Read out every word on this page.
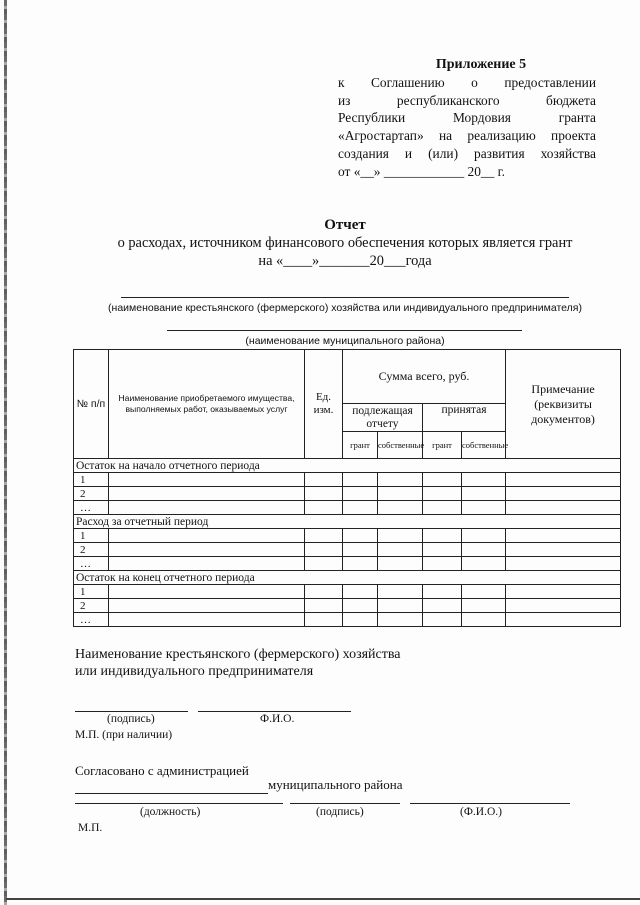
Приложение 5
к Соглашению о предоставлении
из республиканского бюджета
Республики Мордовия гранта
«Агростартап» на реализацию проекта
создания и (или) развития хозяйства
от «__» ____________ 20__ г.
Отчет
о расходах, источником финансового обеспечения которых является грант
на «____»_______20___года
(наименование крестьянского (фермерского) хозяйства или индивидуального предпринимателя)
(наименование муниципального района)
№ п/п	Наименование приобретаемого имущества, выполняемых работ, оказываемых услуг	Ед. изм.	Сумма всего, руб.				Примечание (реквизиты документов)
			подлежащая отчету		принятая		
			грант	собственные	грант	собственные	
Остаток на начало отчетного периода							
1							
2							
…							
Расход за отчетный период							
1							
2							
…							
Остаток на конец отчетного периода							
1							
2							
…							
Наименование крестьянского (фермерского) хозяйства
или индивидуального предпринимателя
(подпись)	Ф.И.О.
М.П. (при наличии)
Согласовано с администрацией
муниципального района
(должность)	(подпись)	(Ф.И.О.)
М.П.
